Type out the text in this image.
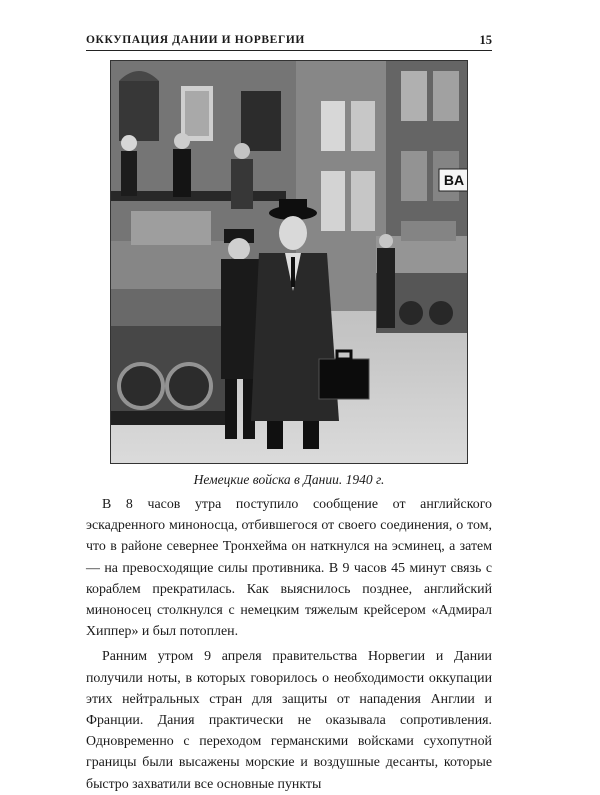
ОККУПАЦИЯ ДАНИИ И НОРВЕГИИ	15
BA
Немецкие войска в Дании. 1940 г.

В 8 часов утра поступило сообщение от английского эскадренного миноносца, отбившегося от своего соединения, о том, что в районе севернее Тронхейма он наткнулся на эсминец, а затем — на превосходящие силы противника. В 9 часов 45 минут связь с кораблем прекратилась. Как выяснилось позднее, английский миноносец столкнулся с немецким тяжелым крейсером «Адмирал Хиппер» и был потоплен.

Ранним утром 9 апреля правительства Норвегии и Дании получили ноты, в которых говорилось о необходимости оккупации этих нейтральных стран для защиты от нападения Англии и Франции. Дания практически не оказывала сопротивления. Одновременно с переходом германскими войсками сухопутной границы были высажены морские и воздушные десанты, которые быстро захватили все основные пункты
